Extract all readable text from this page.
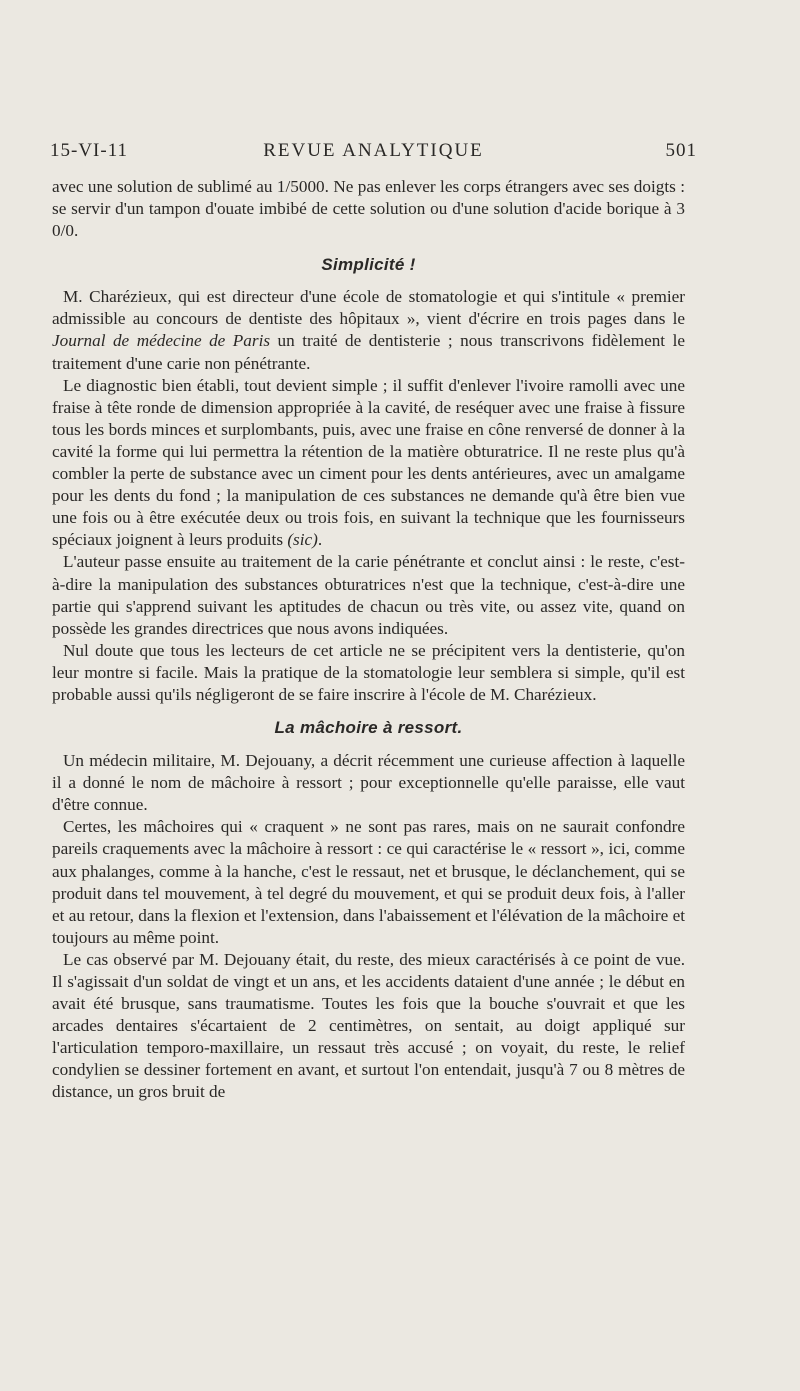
15-VI-11	REVUE ANALYTIQUE	501

avec une solution de sublimé au 1/5000. Ne pas enlever les corps étrangers avec ses doigts : se servir d'un tampon d'ouate imbibé de cette solution ou d'une solution d'acide borique à 3 0/0.

Simplicité !

M. Charézieux, qui est directeur d'une école de stomatologie et qui s'intitule « premier admissible au concours de dentiste des hôpitaux », vient d'écrire en trois pages dans le Journal de médecine de Paris un traité de dentisterie ; nous transcrivons fidèlement le traitement d'une carie non pénétrante.

Le diagnostic bien établi, tout devient simple ; il suffit d'enlever l'ivoire ramolli avec une fraise à tête ronde de dimension appropriée à la cavité, de reséquer avec une fraise à fissure tous les bords minces et surplombants, puis, avec une fraise en cône renversé de donner à la cavité la forme qui lui permettra la rétention de la matière obturatrice. Il ne reste plus qu'à combler la perte de substance avec un ciment pour les dents antérieures, avec un amalgame pour les dents du fond ; la manipulation de ces substances ne demande qu'à être bien vue une fois ou à être exécutée deux ou trois fois, en suivant la technique que les fournisseurs spéciaux joignent à leurs produits (sic).

L'auteur passe ensuite au traitement de la carie pénétrante et conclut ainsi : le reste, c'est-à-dire la manipulation des substances obturatrices n'est que la technique, c'est-à-dire une partie qui s'apprend suivant les aptitudes de chacun ou très vite, ou assez vite, quand on possède les grandes directrices que nous avons indiquées.

Nul doute que tous les lecteurs de cet article ne se précipitent vers la dentisterie, qu'on leur montre si facile. Mais la pratique de la stomatologie leur semblera si simple, qu'il est probable aussi qu'ils négligeront de se faire inscrire à l'école de M. Charézieux.

La mâchoire à ressort.

Un médecin militaire, M. Dejouany, a décrit récemment une curieuse affection à laquelle il a donné le nom de mâchoire à ressort ; pour exceptionnelle qu'elle paraisse, elle vaut d'être connue.

Certes, les mâchoires qui « craquent » ne sont pas rares, mais on ne saurait confondre pareils craquements avec la mâchoire à ressort : ce qui caractérise le « ressort », ici, comme aux phalanges, comme à la hanche, c'est le ressaut, net et brusque, le déclanchement, qui se produit dans tel mouvement, à tel degré du mouvement, et qui se produit deux fois, à l'aller et au retour, dans la flexion et l'extension, dans l'abaissement et l'élévation de la mâchoire et toujours au même point.

Le cas observé par M. Dejouany était, du reste, des mieux caractérisés à ce point de vue. Il s'agissait d'un soldat de vingt et un ans, et les accidents dataient d'une année ; le début en avait été brusque, sans traumatisme. Toutes les fois que la bouche s'ouvrait et que les arcades dentaires s'écartaient de 2 centimètres, on sentait, au doigt appliqué sur l'articulation temporo-maxillaire, un ressaut très accusé ; on voyait, du reste, le relief condylien se dessiner fortement en avant, et surtout l'on entendait, jusqu'à 7 ou 8 mètres de distance, un gros bruit de
